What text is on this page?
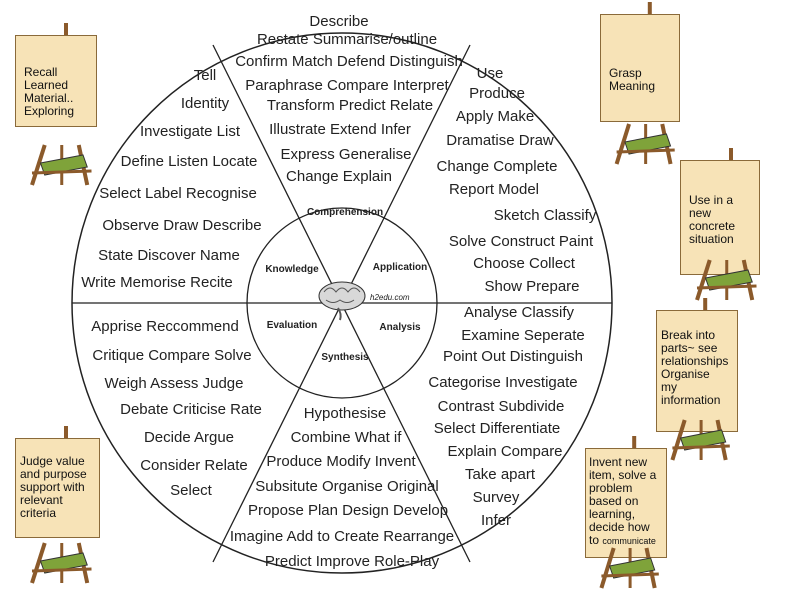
h2edu.com
Comprehension
Application
Analysis
Synthesis
Evaluation
Knowledge
Describe
Restate Summarise/outline
Confirm Match Defend Distinguish
Paraphrase Compare Interpret
Transform Predict Relate
Illustrate Extend Infer
Express Generalise
Change Explain
Use
Produce
Apply Make
Dramatise Draw
Change Complete
Report Model
Sketch Classify
Solve Construct Paint
Choose Collect
Show Prepare
Tell
Identity
Investigate List
Define Listen Locate
Select Label Recognise
Observe Draw Describe
State Discover Name
Write Memorise Recite
Analyse Classify
Examine Seperate
Point Out Distinguish
Categorise Investigate
Contrast Subdivide
Select Differentiate
Explain Compare
Take apart
Survey
Infer
Apprise Reccommend
Critique Compare Solve
Weigh Assess Judge
Debate Criticise Rate
Decide Argue
Consider Relate
Select
Hypothesise
Combine What if
Produce Modify Invent
Subsitute Organise Original
Propose Plan Design Develop
Imagine Add to Create Rearrange
Predict Improve Role-Play
Recall
Learned
Material..
Exploring
Grasp
Meaning
Use in a
new
concrete
situation
Break into
parts~ see
relationships
Organise
my
information
Judge value
and purpose
support with
relevant
criteria
Invent new
item, solve a
problem
based on
learning,
decide how
to communicate
